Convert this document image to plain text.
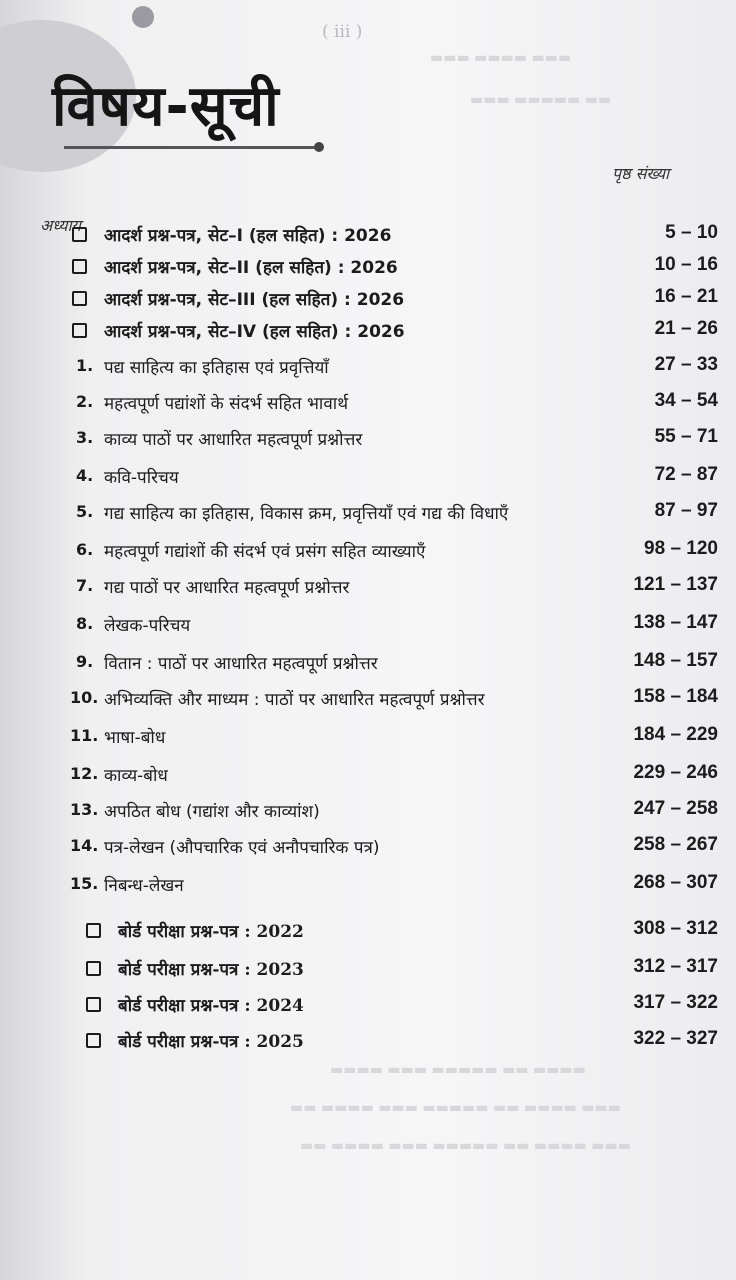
( iii )
विषय-सूची
पृष्ठ संख्या
अध्याय
▬▬▬ ▬▬▬▬ ▬▬▬
▬▬ ▬▬▬▬▬ ▬▬▬
▬▬▬▬ ▬▬ ▬▬▬▬▬ ▬▬▬ ▬▬▬▬
▬▬▬ ▬▬▬▬ ▬▬ ▬▬▬▬▬ ▬▬▬ ▬▬▬▬ ▬▬
▬▬▬ ▬▬▬▬ ▬▬ ▬▬▬▬▬ ▬▬▬ ▬▬▬▬ ▬▬
आदर्श प्रश्न-पत्र, सेट–I (हल सहित) : 2026	5 – 10
आदर्श प्रश्न-पत्र, सेट–II (हल सहित) : 2026	10 – 16
आदर्श प्रश्न-पत्र, सेट–III (हल सहित) : 2026	16 – 21
आदर्श प्रश्न-पत्र, सेट–IV (हल सहित) : 2026	21 – 26
1. पद्य साहित्य का इतिहास एवं प्रवृत्तियाँ	27 – 33
2. महत्वपूर्ण पद्यांशों के संदर्भ सहित भावार्थ	34 – 54
3. काव्य पाठों पर आधारित महत्वपूर्ण प्रश्नोत्तर	55 – 71
4. कवि-परिचय	72 – 87
5. गद्य साहित्य का इतिहास, विकास क्रम, प्रवृत्तियाँ एवं गद्य की विधाएँ	87 – 97
6. महत्वपूर्ण गद्यांशों की संदर्भ एवं प्रसंग सहित व्याख्याएँ	98 – 120
7. गद्य पाठों पर आधारित महत्वपूर्ण प्रश्नोत्तर	121 – 137
8. लेखक-परिचय	138 – 147
9. वितान : पाठों पर आधारित महत्वपूर्ण प्रश्नोत्तर	148 – 157
10. अभिव्यक्ति और माध्यम : पाठों पर आधारित महत्वपूर्ण प्रश्नोत्तर	158 – 184
11. भाषा-बोध	184 – 229
12. काव्य-बोध	229 – 246
13. अपठित बोध (गद्यांश और काव्यांश)	247 – 258
14. पत्र-लेखन (औपचारिक एवं अनौपचारिक पत्र)	258 – 267
15. निबन्ध-लेखन	268 – 307
बोर्ड परीक्षा प्रश्न-पत्र : 2022	308 – 312
बोर्ड परीक्षा प्रश्न-पत्र : 2023	312 – 317
बोर्ड परीक्षा प्रश्न-पत्र : 2024	317 – 322
बोर्ड परीक्षा प्रश्न-पत्र : 2025	322 – 327
